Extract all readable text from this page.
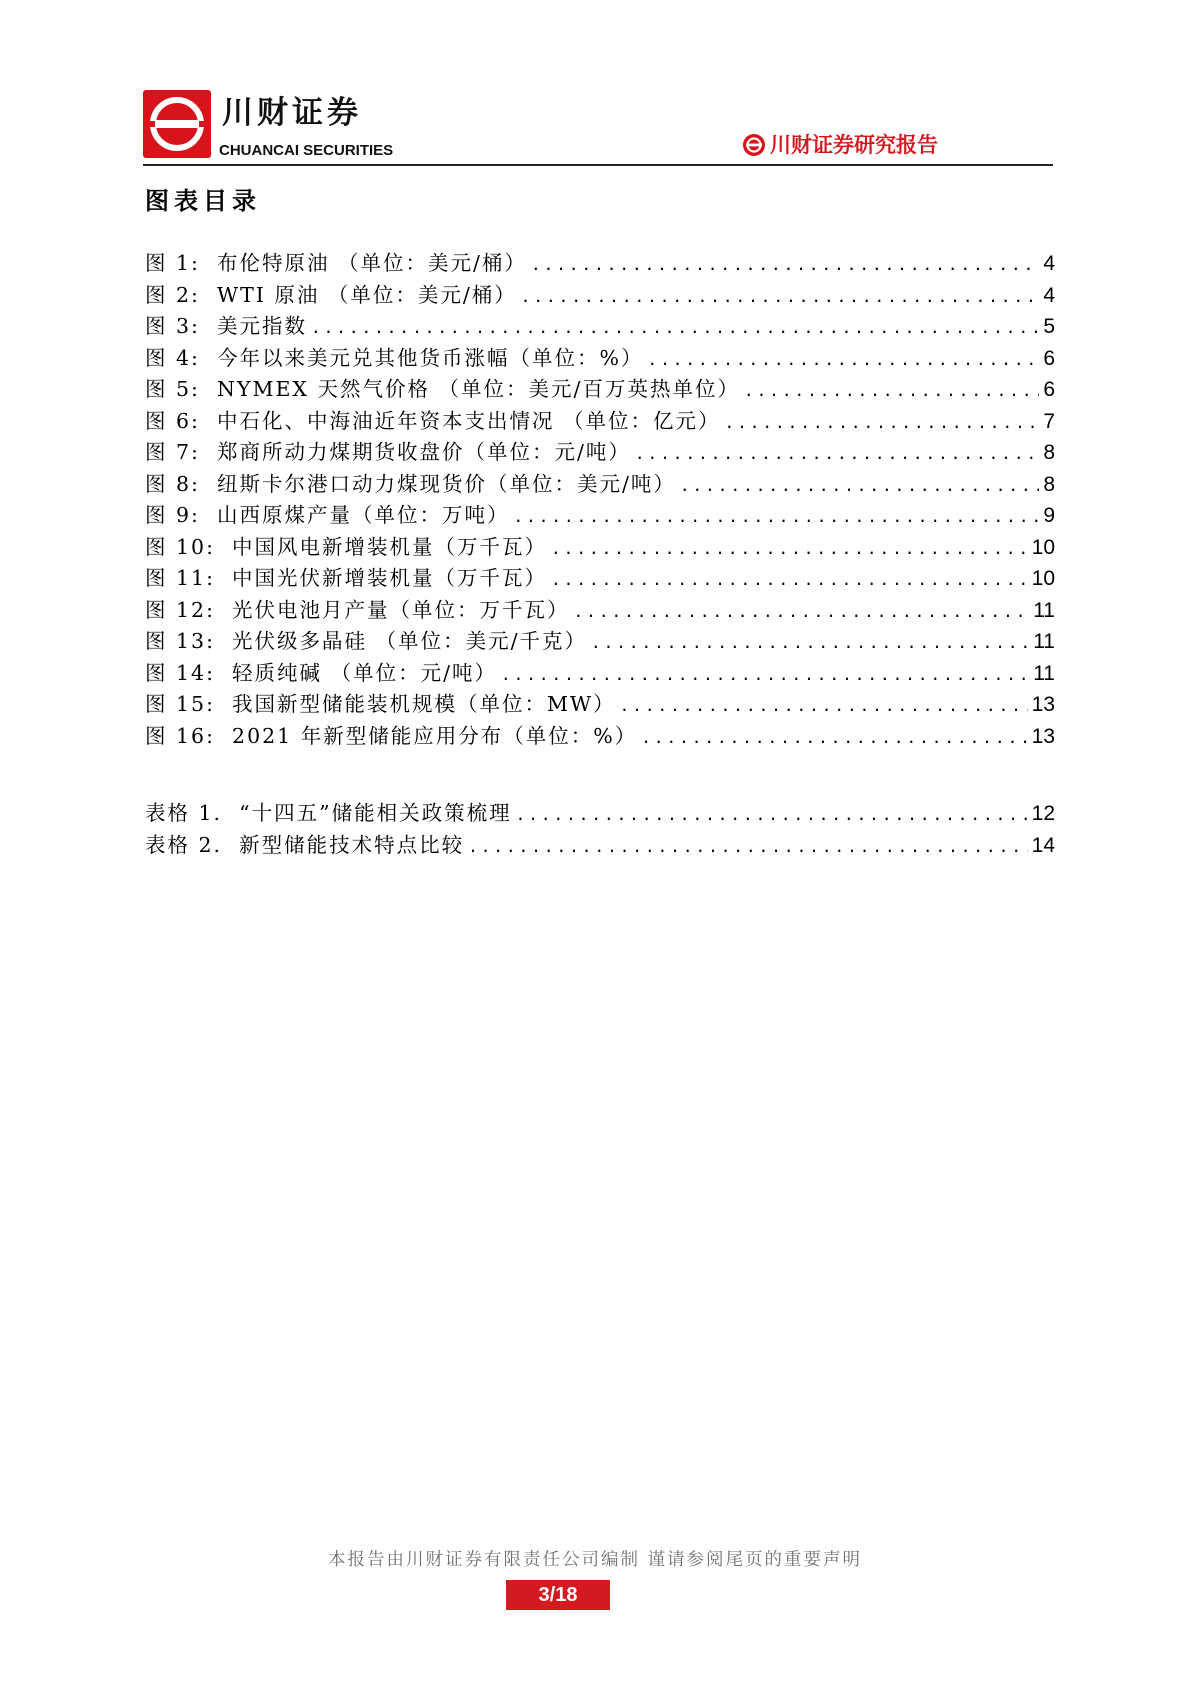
川财证券
CHUANCAI SECURITIES	川财证券研究报告
图表目录
图 1: 布伦特原油 （单位：美元/桶） .....	4
图 2: WTI 原油 （单位：美元/桶） .....	4
图 3: 美元指数 .....	5
图 4: 今年以来美元兑其他货币涨幅（单位：%） .....	6
图 5: NYMEX 天然气价格 （单位：美元/百万英热单位） .....	6
图 6: 中石化、中海油近年资本支出情况 （单位：亿元） .....	7
图 7: 郑商所动力煤期货收盘价（单位：元/吨） .....	8
图 8: 纽斯卡尔港口动力煤现货价（单位：美元/吨） .....	8
图 9: 山西原煤产量（单位：万吨） .....	9
图 10: 中国风电新增装机量（万千瓦） .....	10
图 11: 中国光伏新增装机量（万千瓦） .....	10
图 12: 光伏电池月产量（单位：万千瓦） .....	11
图 13: 光伏级多晶硅 （单位：美元/千克） .....	11
图 14: 轻质纯碱 （单位：元/吨） .....	11
图 15: 我国新型储能装机规模（单位：MW） .....	13
图 16: 2021 年新型储能应用分布（单位：%） .....	13
表格 1. “十四五”储能相关政策梳理 .....	12
表格 2. 新型储能技术特点比较 .....	14
本报告由川财证券有限责任公司编制 谨请参阅尾页的重要声明
3/18
